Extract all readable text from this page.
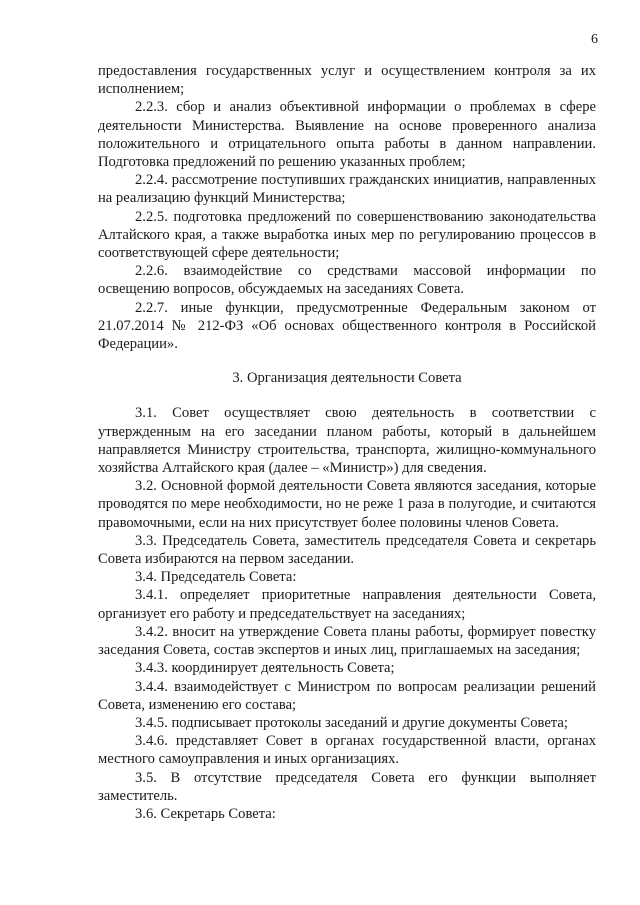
6

предоставления государственных услуг и осуществлением контроля за их исполнением;

2.2.3. сбор и анализ объективной информации о проблемах в сфере деятельности Министерства. Выявление на основе проверенного анализа положительного и отрицательного опыта работы в данном направлении. Подготовка предложений по решению указанных проблем;

2.2.4. рассмотрение поступивших гражданских инициатив, направленных на реализацию функций Министерства;

2.2.5. подготовка предложений по совершенствованию законодательства Алтайского края, а также выработка иных мер по регулированию процессов в соответствующей сфере деятельности;

2.2.6. взаимодействие со средствами массовой информации по освещению вопросов, обсуждаемых на заседаниях Совета.

2.2.7. иные функции, предусмотренные Федеральным законом от 21.07.2014 № 212-ФЗ «Об основах общественного контроля в Российской Федерации».

3. Организация деятельности Совета

3.1. Совет осуществляет свою деятельность в соответствии с утвержденным на его заседании планом работы, который в дальнейшем направляется Министру строительства, транспорта, жилищно-коммунального хозяйства Алтайского края (далее – «Министр») для сведения.

3.2. Основной формой деятельности Совета являются заседания, которые проводятся по мере необходимости, но не реже 1 раза в полугодие, и считаются правомочными, если на них присутствует более половины членов Совета.

3.3. Председатель Совета, заместитель председателя Совета и секретарь Совета избираются на первом заседании.

3.4. Председатель Совета:

3.4.1. определяет приоритетные направления деятельности Совета, организует его работу и председательствует на заседаниях;

3.4.2. вносит на утверждение Совета планы работы, формирует повестку заседания Совета, состав экспертов и иных лиц, приглашаемых на заседания;

3.4.3. координирует деятельность Совета;

3.4.4. взаимодействует с Министром по вопросам реализации решений Совета, изменению его состава;

3.4.5. подписывает протоколы заседаний и другие документы Совета;

3.4.6. представляет Совет в органах государственной власти, органах местного самоуправления и иных организациях.

3.5. В отсутствие председателя Совета его функции выполняет заместитель.

3.6. Секретарь Совета:
